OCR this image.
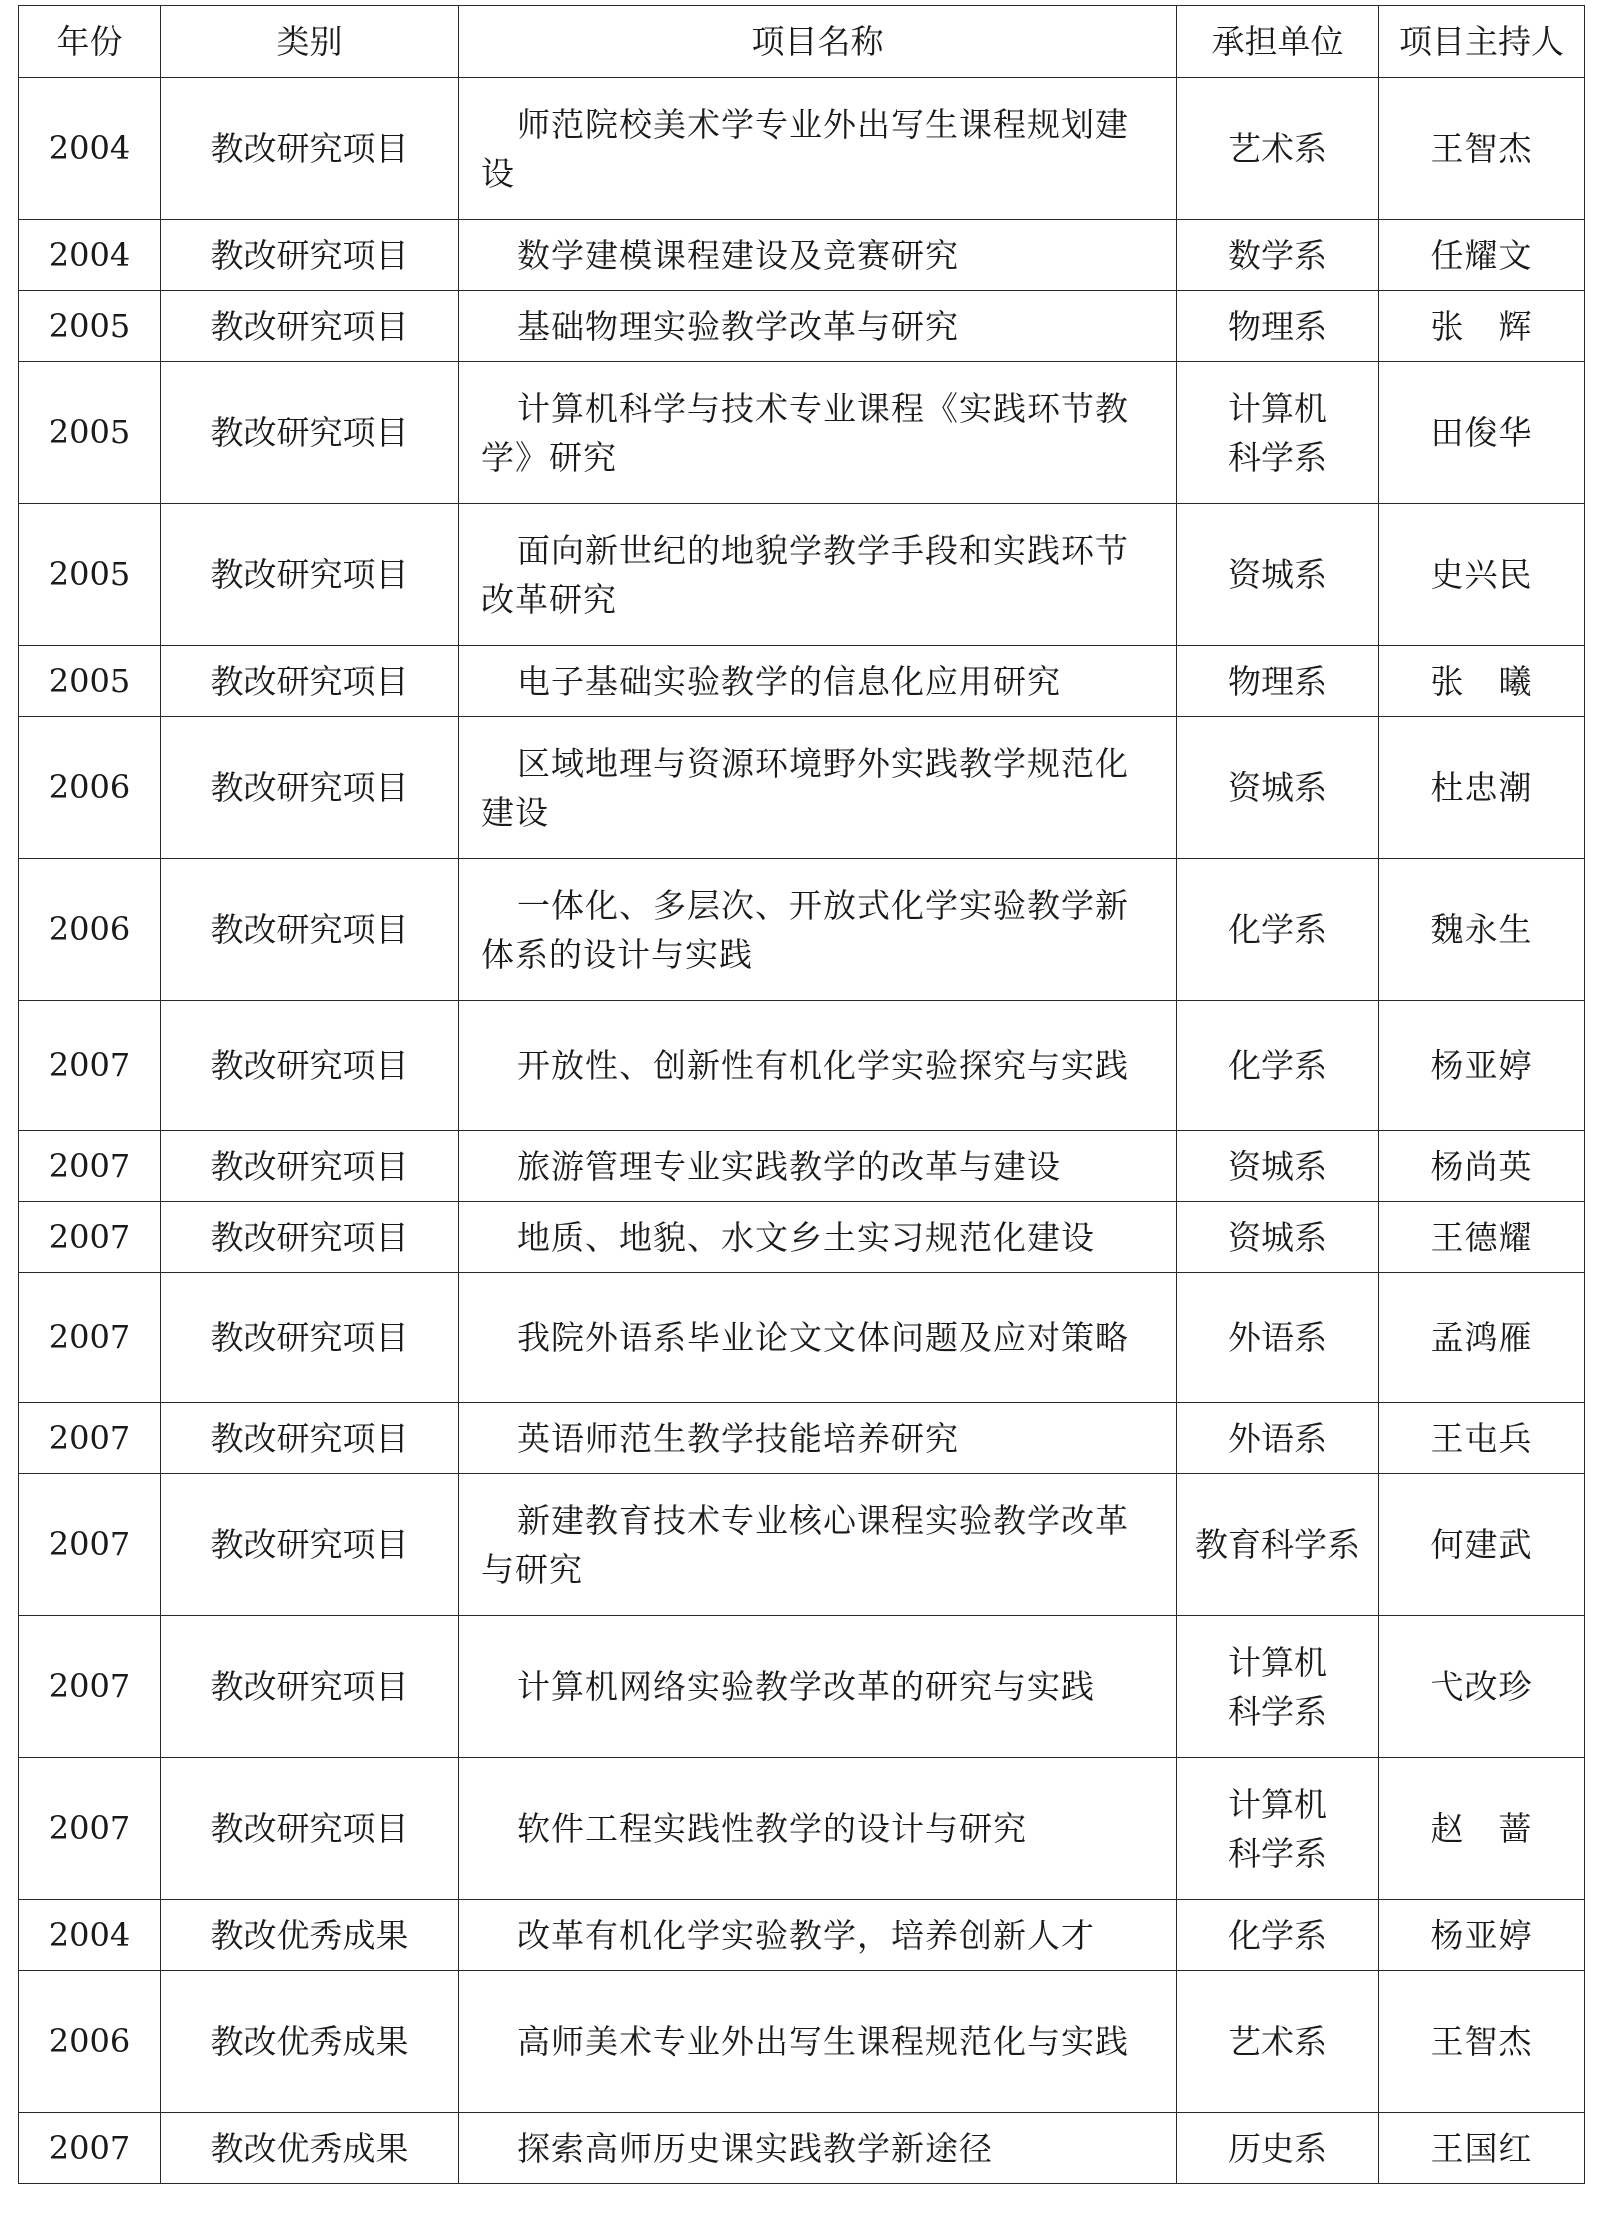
年份	类别	项目名称	承担单位	项目主持人
2004	教改研究项目	师范院校美术学专业外出写生课程规划建设	艺术系	王智杰
2004	教改研究项目	数学建模课程建设及竞赛研究	数学系	任耀文
2005	教改研究项目	基础物理实验教学改革与研究	物理系	张　辉
2005	教改研究项目	计算机科学与技术专业课程《实践环节教学》研究	计算机科学系	田俊华
2005	教改研究项目	面向新世纪的地貌学教学手段和实践环节改革研究	资城系	史兴民
2005	教改研究项目	电子基础实验教学的信息化应用研究	物理系	张　曦
2006	教改研究项目	区域地理与资源环境野外实践教学规范化建设	资城系	杜忠潮
2006	教改研究项目	一体化、多层次、开放式化学实验教学新体系的设计与实践	化学系	魏永生
2007	教改研究项目	开放性、创新性有机化学实验探究与实践	化学系	杨亚婷
2007	教改研究项目	旅游管理专业实践教学的改革与建设	资城系	杨尚英
2007	教改研究项目	地质、地貌、水文乡土实习规范化建设	资城系	王德耀
2007	教改研究项目	我院外语系毕业论文文体问题及应对策略	外语系	孟鸿雁
2007	教改研究项目	英语师范生教学技能培养研究	外语系	王屯兵
2007	教改研究项目	新建教育技术专业核心课程实验教学改革与研究	教育科学系	何建武
2007	教改研究项目	计算机网络实验教学改革的研究与实践	计算机科学系	弋改珍
2007	教改研究项目	软件工程实践性教学的设计与研究	计算机科学系	赵　蔷
2004	教改优秀成果	改革有机化学实验教学，培养创新人才	化学系	杨亚婷
2006	教改优秀成果	高师美术专业外出写生课程规范化与实践	艺术系	王智杰
2007	教改优秀成果	探索高师历史课实践教学新途径	历史系	王国红
